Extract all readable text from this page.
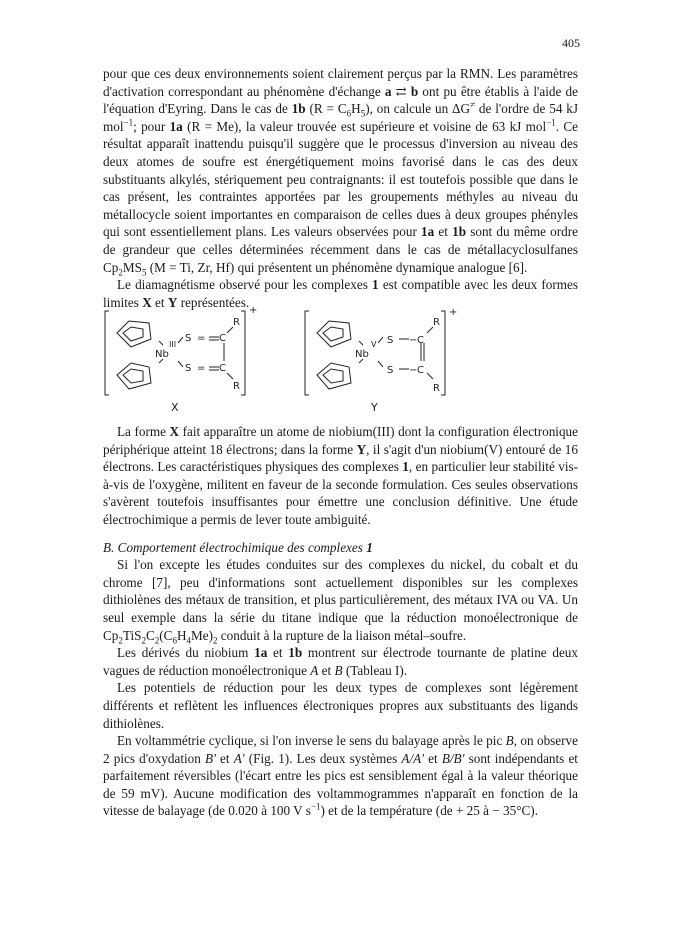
405

pour que ces deux environnements soient clairement perçus par la RMN. Les paramètres d'activation correspondant au phénomène d'échange a ⇄ b ont pu être établis à l'aide de l'équation d'Eyring. Dans le cas de 1b $(R = C_6H_5)$, on calcule un ΔG≠ de l'ordre de 54 kJ mol$^{-1}$; pour 1a (R = Me), la valeur trouvée est supérieure et voisine de 63 kJ mol$^{-1}$. Ce résultat apparaît inattendu puisqu'il suggère que le processus d'inversion au niveau des deux atomes de soufre est énergétiquement moins favorisé dans le cas des deux substituants alkylés, stériquement peu contraignants: il est toutefois possible que dans le cas présent, les contraintes apportées par les groupements méthyles au niveau du métallocycle soient importantes en comparaison de celles dues à deux groupes phényles qui sont essentiellement plans. Les valeurs observées pour 1a et 1b sont du même ordre de grandeur que celles déterminées récemment dans le cas de métallacyclosulfanes $Cp_2MS_5$ (M = Ti, Zr, Hf) qui présentent un phénomène dynamique analogue [6].

Le diamagnétisme observé pour les complexes 1 est compatible avec les deux formes limites X et Y représentées.

Nb
III
S = C
R
S = C
R
+
X
Nb
V S − C
R
S − C
R
+
Y

La forme X fait apparaître un atome de niobium(III) dont la configuration électronique périphérique atteint 18 électrons; dans la forme Y, il s'agit d'un niobium(V) entouré de 16 électrons. Les caractéristiques physiques des complexes 1, en particulier leur stabilité vis-à-vis de l'oxygène, militent en faveur de la seconde formulation. Ces seules observations s'avèrent toutefois insuffisantes pour émettre une conclusion définitive. Une étude électrochimique a permis de lever toute ambiguité.

B. Comportement électrochimique des complexes 1

Si l'on excepte les études conduites sur des complexes du nickel, du cobalt et du chrome [7], peu d'informations sont actuellement disponibles sur les complexes dithiolènes des métaux de transition, et plus particulièrement, des métaux IVA ou VA. Un seul exemple dans la série du titane indique que la réduction monoélectronique de $Cp_2TiS_2C_2(C_6H_4Me)_2$ conduit à la rupture de la liaison métal–soufre.

Les dérivés du niobium 1a et 1b montrent sur électrode tournante de platine deux vagues de réduction monoélectronique A et B (Tableau I).

Les potentiels de réduction pour les deux types de complexes sont légèrement différents et reflètent les influences électroniques propres aux substituants des ligands dithiolènes.

En voltammétrie cyclique, si l'on inverse le sens du balayage après le pic B, on observe 2 pics d'oxydation B' et A' (Fig. 1). Les deux systèmes A/A' et B/B' sont indépendants et parfaitement réversibles (l'écart entre les pics est sensiblement égal à la valeur théorique de 59 mV). Aucune modification des voltammogrammes n'apparaît en fonction de la vitesse de balayage (de 0.020 à 100 V $s^{-1}$) et de la température (de + 25 à − 35°C).
